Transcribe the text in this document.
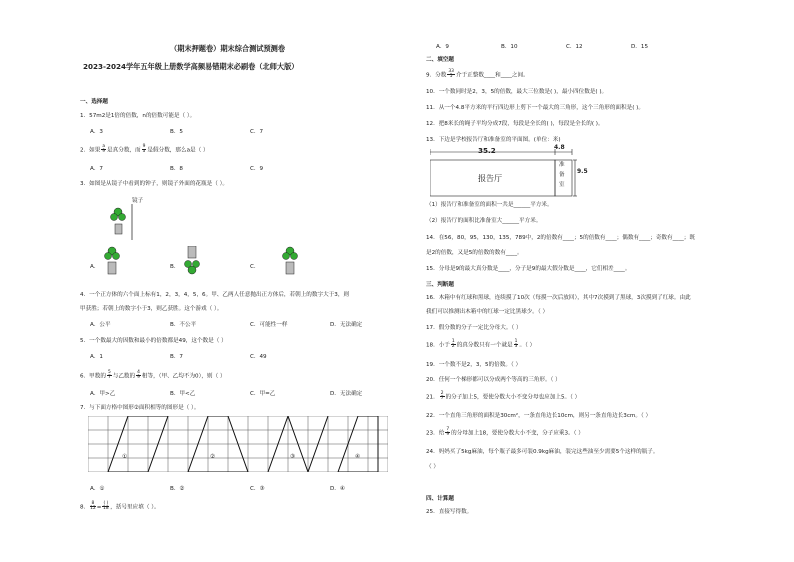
（期末押题卷）期末综合测试预测卷
2023-2024学年五年级上册数学高频易错期末必刷卷（北师大版）
一、选择题
1．57m2是1倍的倍数，n的倍数可能是（ ）。
A．3	B．5	C．7
2．如果 $\frac{a}{9}$ 是真分数，而 $\frac{9}{a}$ 是假分数，那么a是（ ）
A．7	B．8	C．9
3．如图是从镜子中看到的钟子，则镜子外面的花瓶是（ ）。
镜子
A．	B．	C．
4．一个正方体的六个面上标有1，2，3，4，5，6。甲、乙两人任意抛出正方体后，若朝上的数字大于3，则
甲获胜；若朝上的数字小于3，则乙获胜。这个游戏（ ）。
A．公平	B．不公平	C．可能性一样	D．无法确定
5．一个数最大的因数和最小的倍数都是49，这个数是（ ）
A．1	B．7	C．49
6．甲数的 $\frac{5}{7}$ 与乙数的 $\frac{4}{9}$ 相等，（甲、乙均不为0），则（ ）
A．甲>乙	B．甲<乙	C．甲=乙	D．无法确定
7．与下面方格中图形②面积相等的图形是（ ）。
①	②	③	④
A．①	B．②	C．③	D．④
8． $\frac{8}{12} = \frac{( )}{18}$ ，括号里应填（ ）。
A．9	B．10	C．12	D．15
二、填空题
9．分数 $\frac{33}{5}$ 介于正整数____和____之间。
10．一个数同时是2，3，5的倍数，最大三位数是( )，最小四位数是( )。
11．从一个4.8平方米的平行四边形上剪下一个最大的三角形，这个三角形的面积是( )。
12．把8米长的绳子平均分成7段，每段是全长的( )，每段是全长的( )。
13．下边是学校报告厅和准备室的平面图。(单位：米)
35.2	4.8
9.5
报告厅
准
备
室
（1）报告厅和准备室的面积一共是______平方米。
（2）报告厅的面积比准备室大______平方米。
14．在56，80，95，130，135，789中，2的倍数有____；5的倍数有____；偶数有____；奇数有____；既
是2的倍数，又是5的倍数的数有____。
15．分母是9的最大真分数是____，分子是9的最大假分数是____，它们相差____。
三、判断题
16．木箱中有红球和黑球，连续摸了10次（每摸一次后放回），其中7次摸到了黑球，3次摸到了红球。由此
我们可以推测出木箱中的红球一定比黑球少。（ ）
17．假分数的分子一定比分母大。（ ）
18．小于 $\frac{1}{2}$ 的真分数只有一个就是 $\frac{1}{3}$ 。（ ）
19．一个数不是2，3，5的倍数。（ ）
20．任何一个梯形都可以分成两个等高的三角形。（ ）
21． $\frac{2}{7}$ 的分子加上5，要使分数大小不变分母也应加上5。（ ）
22．一个直角三角形的面积是30cm²，一条直角边长10cm，则另一条直角边长3cm。（ ）
23．给 $\frac{7}{9}$ 的分母加上18，要使分数大小不变，分子应乘3。（ ）
24．妈妈买了5kg麻油，每个瓶子最多可装0.9kg麻油，装完这些油至少需要5个这样的瓶子。
（ ）
四、计算题
25．直接写得数。
